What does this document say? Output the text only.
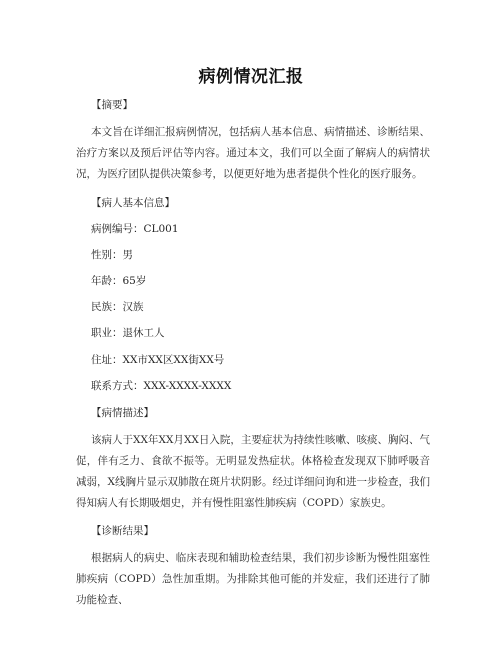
病例情况汇报
【摘要】
本文旨在详细汇报病例情况，包括病人基本信息、病情描述、诊断结果、治疗方案以及预后评估等内容。通过本文，我们可以全面了解病人的病情状况，为医疗团队提供决策参考，以便更好地为患者提供个性化的医疗服务。
【病人基本信息】
病例编号：CL001
性别：男
年龄：65岁
民族：汉族
职业：退休工人
住址：XX市XX区XX街XX号
联系方式：XXX-XXXX-XXXX
【病情描述】
该病人于XX年XX月XX日入院，主要症状为持续性咳嗽、咳痰、胸闷、气促，伴有乏力、食欲不振等。无明显发热症状。体格检查发现双下肺呼吸音减弱，X线胸片显示双肺散在斑片状阴影。经过详细问询和进一步检查，我们得知病人有长期吸烟史，并有慢性阻塞性肺疾病（COPD）家族史。
【诊断结果】
根据病人的病史、临床表现和辅助检查结果，我们初步诊断为慢性阻塞性肺疾病（COPD）急性加重期。为排除其他可能的并发症，我们还进行了肺功能检查、
